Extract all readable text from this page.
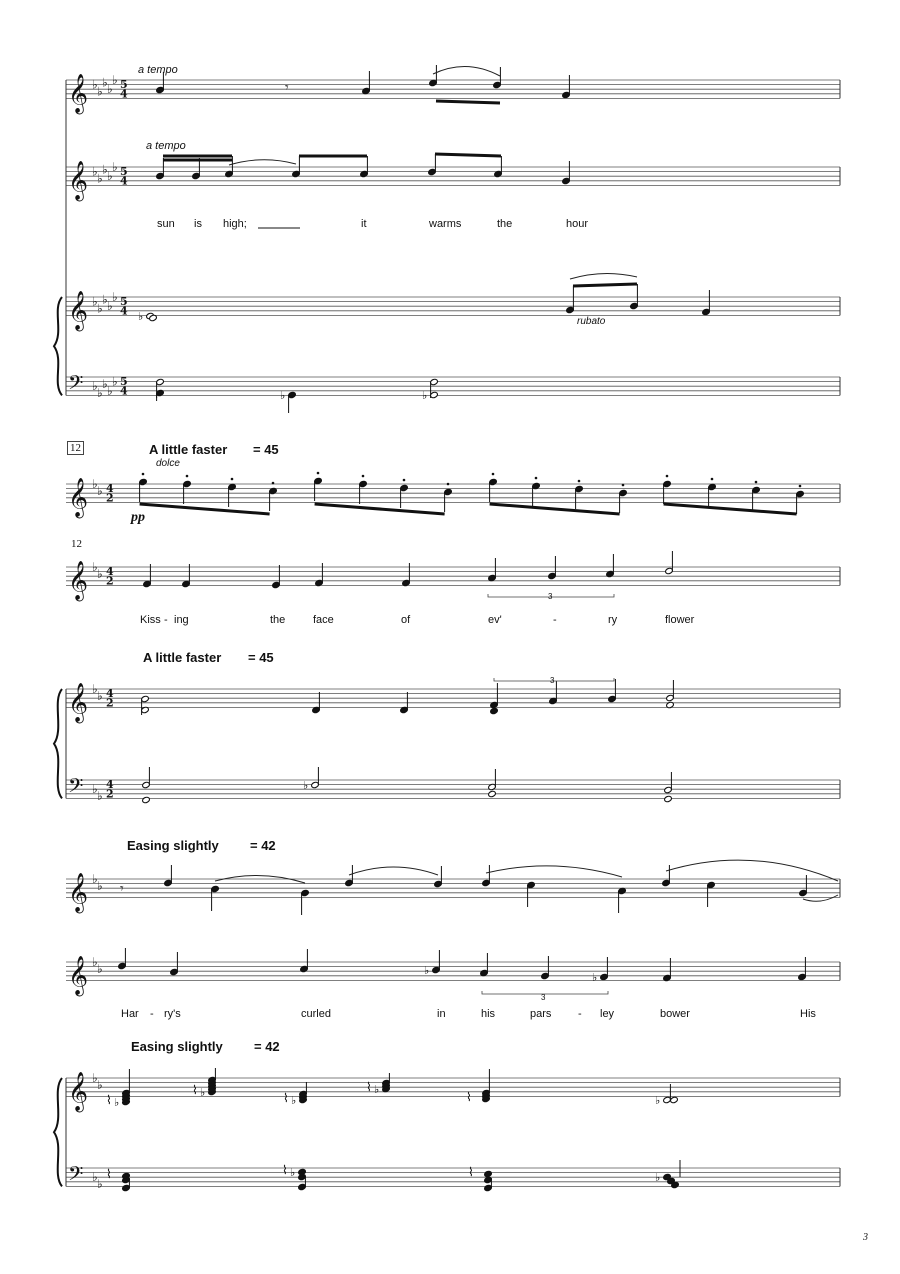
𝄞
𝄞
𝄞
𝄢
♭ ♭
♭ ♭
♭ 5
4
♭ ♭
♭ ♭
♭ 5
4
♭ ♭
♭ ♭
♭ 5
4
♭ ♭
♭ ♭
♭ 5
4
𝄾
♭
♭	♭
𝄞
𝄞
𝄞
𝄢
♭ ♭ 4
2
♭ ♭ 4
2
♭ ♭ 4
2
♭ ♭
4
2
♭
𝄞
𝄞
𝄞
𝄢
♭ ♭
♭ ♭
♭ ♭
♭ ♭
𝄾
♭
♭
♭
⌇
♭
⌇
♭
⌇
♭
⌇
⌇	♭
⌇	♭
⌇	⌇	♭
a tempo
a tempo
rubato
sun is high;	it	warms	the	hour
12
12
A little faster = 45
dolce
pp
A little faster = 45
3
3
Kiss - ing	the	face	of	ev'	-	ry	flower
Easing slightly = 42
Easing slightly = 42
3
Har - ry's	curled	in	his	pars - ley	bower	His
3
